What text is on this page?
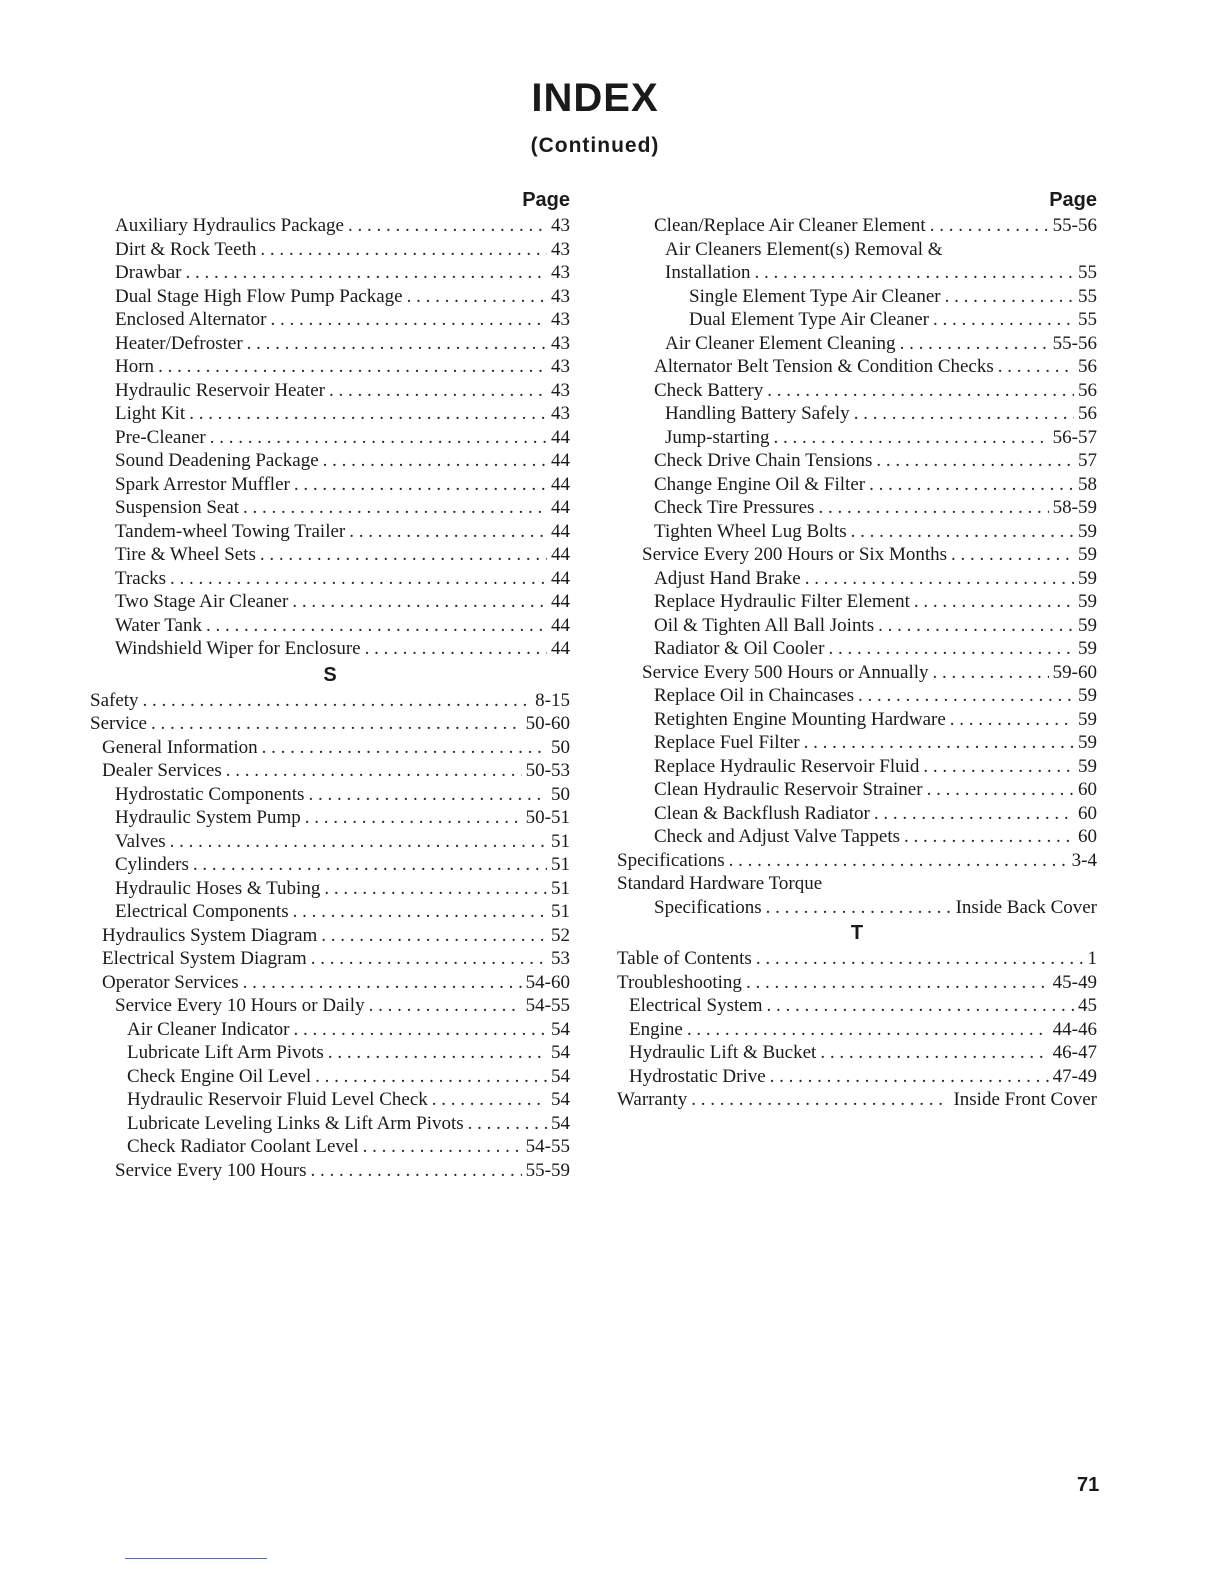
INDEX
(Continued)
Page
Auxiliary Hydraulics Package . . .	43
Dirt & Rock Teeth . . .	43
Drawbar . . .	43
Dual Stage High Flow Pump Package . . .	43
Enclosed Alternator . . .	43
Heater/Defroster . . .	43
Horn . . .	43
Hydraulic Reservoir Heater . . .	43
Light Kit . . .	43
Pre-Cleaner . . .	44
Sound Deadening Package . . .	44
Spark Arrestor Muffler . . .	44
Suspension Seat . . .	44
Tandem-wheel Towing Trailer . . .	44
Tire & Wheel Sets . . .	44
Tracks . . .	44
Two Stage Air Cleaner . . .	44
Water Tank . . .	44
Windshield Wiper for Enclosure . . .	44
S
Safety . . .	8-15
Service . . .	50-60
General Information . . .	50
Dealer Services . . .	50-53
Hydrostatic Components . . .	50
Hydraulic System Pump . . .	50-51
Valves . . .	51
Cylinders . . .	51
Hydraulic Hoses & Tubing . . .	51
Electrical Components . . .	51
Hydraulics System Diagram . . .	52
Electrical System Diagram . . .	53
Operator Services . . .	54-60
Service Every 10 Hours or Daily . . .	54-55
Air Cleaner Indicator . . .	54
Lubricate Lift Arm Pivots . . .	54
Check Engine Oil Level . . .	54
Hydraulic Reservoir Fluid Level Check . . .	54
Lubricate Leveling Links & Lift Arm Pivots . . .	54
Check Radiator Coolant Level . . .	54-55
Service Every 100 Hours . . .	55-59
Page
Clean/Replace Air Cleaner Element . . .	55-56
Air Cleaners Element(s) Removal &
Installation . . .	55
Single Element Type Air Cleaner . . .	55
Dual Element Type Air Cleaner . . .	55
Air Cleaner Element Cleaning . . .	55-56
Alternator Belt Tension & Condition Checks . . .	56
Check Battery . . .	56
Handling Battery Safely . . .	56
Jump-starting . . .	56-57
Check Drive Chain Tensions . . .	57
Change Engine Oil & Filter . . .	58
Check Tire Pressures . . .	58-59
Tighten Wheel Lug Bolts . . .	59
Service Every 200 Hours or Six Months . . .	59
Adjust Hand Brake . . .	59
Replace Hydraulic Filter Element . . .	59
Oil & Tighten All Ball Joints . . .	59
Radiator & Oil Cooler . . .	59
Service Every 500 Hours or Annually . . .	59-60
Replace Oil in Chaincases . . .	59
Retighten Engine Mounting Hardware . . .	59
Replace Fuel Filter . . .	59
Replace Hydraulic Reservoir Fluid . . .	59
Clean Hydraulic Reservoir Strainer . . .	60
Clean & Backflush Radiator . . .	60
Check and Adjust Valve Tappets . . .	60
Specifications . . .	3-4
Standard Hardware Torque
Specifications . . .	Inside Back Cover
T
Table of Contents . . .	1
Troubleshooting . . .	45-49
Electrical System . . .	45
Engine . . .	44-46
Hydraulic Lift & Bucket . . .	46-47
Hydrostatic Drive . . .	47-49
Warranty . . .	Inside Front Cover
71
